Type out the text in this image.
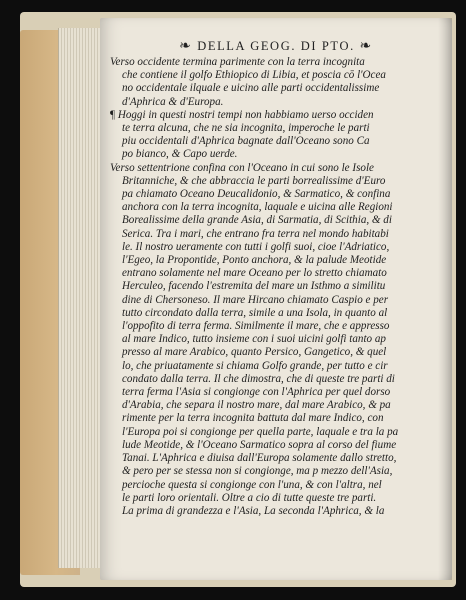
❧ DELLA GEOG. DI PTO. ❧

Verso occidente termina parimente con la terra incognita
che contiene il golfo Ethiopico di Libia, et poscia cō l'Ocea
no occidentale ilquale e uicino alle parti occidentalissime
d'Aphrica & d'Europa.

¶ Hoggi in questi nostri tempi non habbiamo uerso occiden
te terra alcuna, che ne sia incognita, imperoche le parti
piu occidentali d'Aphrica bagnate dall'Oceano sono Ca
po bianco, & Capo uerde.

Verso settentrione confina con l'Oceano in cui sono le Isole
Britanniche, & che abbraccia le parti borrealissime d'Euro
pa chiamato Oceano Deucalidonio, & Sarmatico, & confina
anchora con la terra incognita, laquale e uicina alle Regioni
Borealissime della grande Asia, di Sarmatia, di Scithia, & di
Serica. Tra i mari, che entrano fra terra nel mondo habitabi
le. Il nostro ueramente con tutti i golfi suoi, cioe l'Adriatico,
l'Egeo, la Propontide, Ponto anchora, & la palude Meotide
entrano solamente nel mare Oceano per lo stretto chiamato
Herculeo, facendo l'estremita del mare un Isthmo a similitu
dine di Chersoneso. Il mare Hircano chiamato Caspio e per
tutto circondato dalla terra, simile a una Isola, in quanto al
l'oppofito di terra ferma. Similmente il mare, che e appresso
al mare Indico, tutto insieme con i suoi uicini golfi tanto ap
presso al mare Arabico, quanto Persico, Gangetico, & quel
lo, che priuatamente si chiama Golfo grande, per tutto e cir
condato dalla terra. Il che dimostra, che di queste tre parti di
terra ferma l'Asia si congionge con l'Aphrica per quel dorso
d'Arabia, che separa il nostro mare, dal mare Arabico, & pa
rimente per la terra incognita battuta dal mare Indico, con
l'Europa poi si congionge per quella parte, laquale e tra la pa
lude Meotide, & l'Oceano Sarmatico sopra al corso del fiume
Tanai. L'Aphrica e diuisa dall'Europa solamente dallo stretto,
& pero per se stessa non si congionge, ma p mezzo dell'Asia,
percioche questa si congionge con l'una, & con l'altra, nel
le parti loro orientali. Oltre a cio di tutte queste tre parti.
La prima di grandezza e l'Asia, La seconda l'Aphrica, & la
